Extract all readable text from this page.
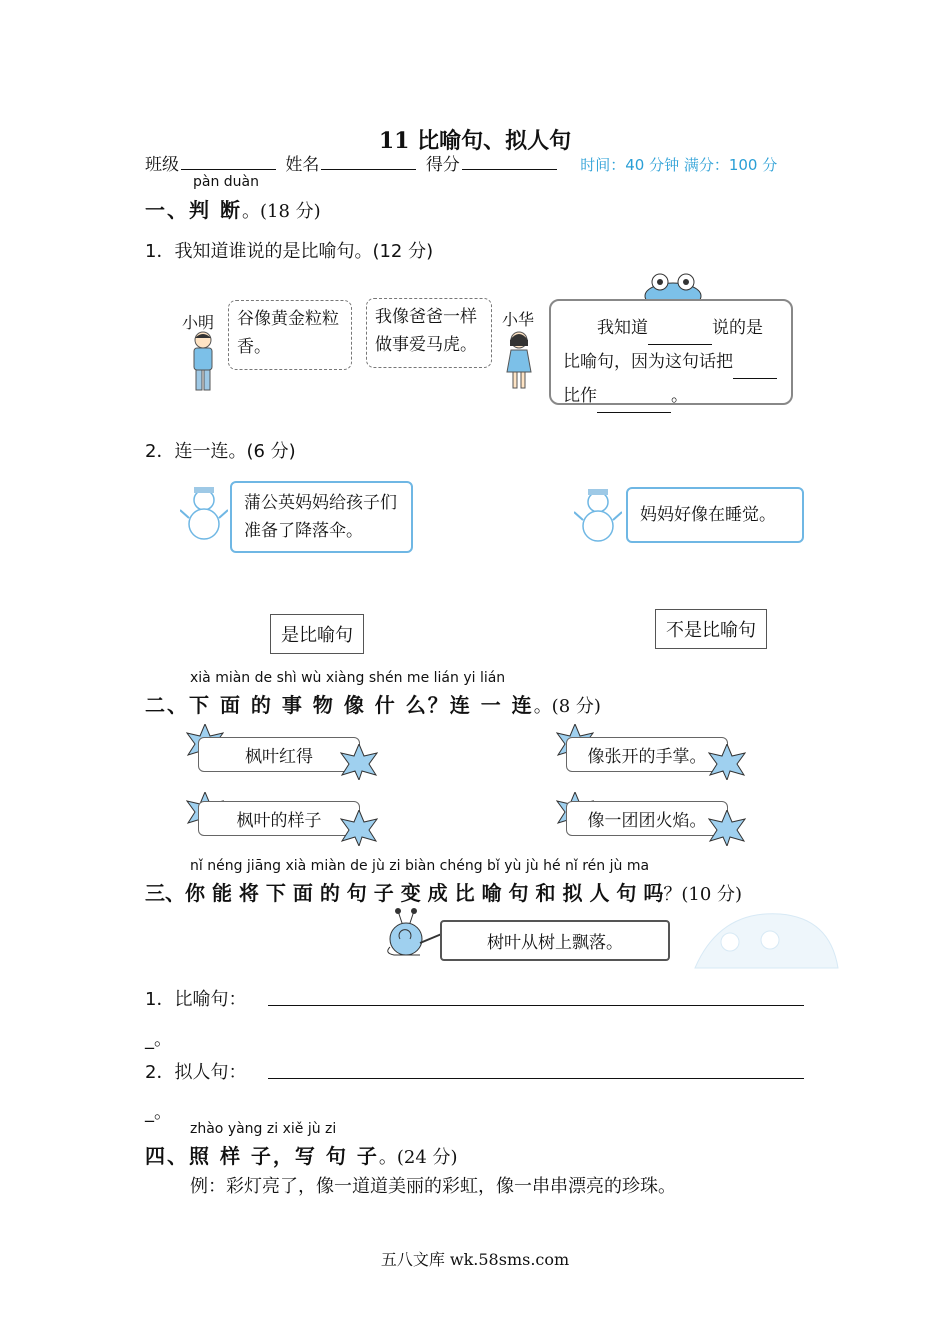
11 比喻句、拟人句
班级	姓名	得分	时间：40 分钟 满分：100 分
pàn duàn
一、判 断。(18 分)
1．我知道谁说的是比喻句。(12 分)
小明	谷像黄金粒粒香。
我像爸爸一样做事爱马虎。
小华	我知道	说的是
比喻句，因为这句话把
比作	。
2．连一连。(6 分)
蒲公英妈妈给孩子们准备了降落伞。
妈妈好像在睡觉。
是比喻句	不是比喻句
xià miàn de shì wù xiàng shén me lián yi lián
二、下 面 的 事 物 像 什 么？连 一 连。(8 分)
枫叶红得
枫叶的样子
像张开的手掌。
像一团团火焰。
nǐ néng jiāng xià miàn de jù zi biàn chéng bǐ yù jù hé nǐ rén jù ma
三、你 能 将 下 面 的 句 子 变 成 比 喻 句 和 拟 人 句 吗？(10 分)
树叶从树上飘落。
1．比喻句：
_。
2．拟人句：
_。
zhào yàng zi xiě jù zi
四、照 样 子，写 句 子。(24 分)
例：彩灯亮了，像一道道美丽的彩虹，像一串串漂亮的珍珠。
五八文库 wk.58sms.com
